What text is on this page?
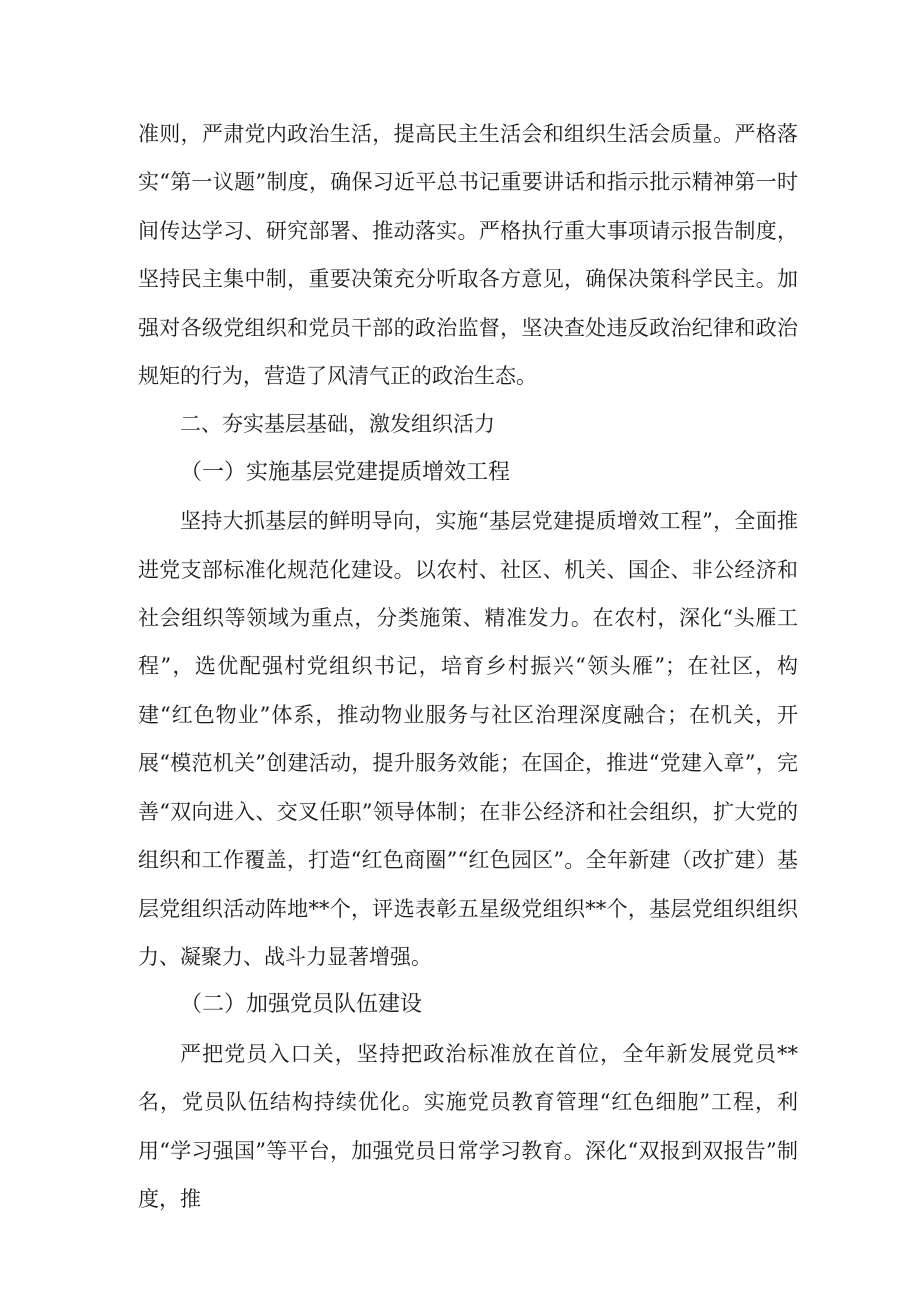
准则，严肃党内政治生活，提高民主生活会和组织生活会质量。严格落实“第一议题”制度，确保习近平总书记重要讲话和指示批示精神第一时间传达学习、研究部署、推动落实。严格执行重大事项请示报告制度，坚持民主集中制，重要决策充分听取各方意见，确保决策科学民主。加强对各级党组织和党员干部的政治监督，坚决查处违反政治纪律和政治规矩的行为，营造了风清气正的政治生态。

二、夯实基层基础，激发组织活力

（一）实施基层党建提质增效工程

坚持大抓基层的鲜明导向，实施“基层党建提质增效工程”，全面推进党支部标准化规范化建设。以农村、社区、机关、国企、非公经济和社会组织等领域为重点，分类施策、精准发力。在农村，深化“头雁工程”，选优配强村党组织书记，培育乡村振兴“领头雁”；在社区，构建“红色物业”体系，推动物业服务与社区治理深度融合；在机关，开展“模范机关”创建活动，提升服务效能；在国企，推进“党建入章”，完善“双向进入、交叉任职”领导体制；在非公经济和社会组织，扩大党的组织和工作覆盖，打造“红色商圈”“红色园区”。全年新建（改扩建）基层党组织活动阵地**个，评选表彰五星级党组织**个，基层党组织组织力、凝聚力、战斗力显著增强。

（二）加强党员队伍建设

严把党员入口关，坚持把政治标准放在首位，全年新发展党员**名，党员队伍结构持续优化。实施党员教育管理“红色细胞”工程，利用“学习强国”等平台，加强党员日常学习教育。深化“双报到双报告”制度，推
